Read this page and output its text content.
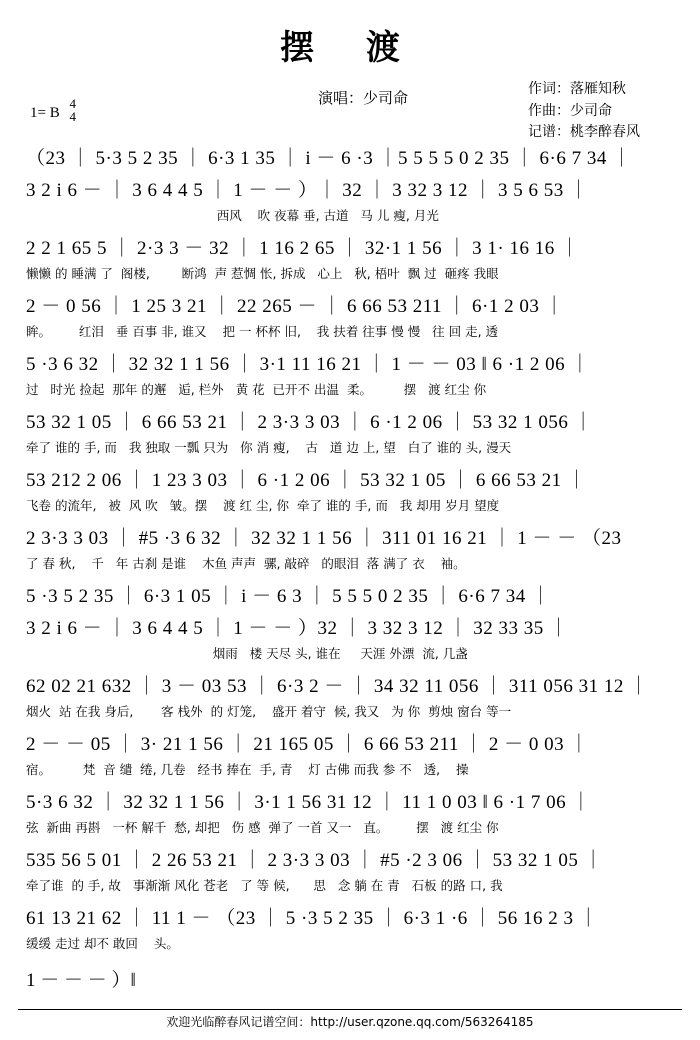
摆 渡
1= B
4
4
演唱：少司命
作词：落雁知秋
作曲：少司命
记谱：桃李醉春风
（23 ｜ 5·3 5 2 35 ｜ 6·3 1 35 ｜ i － 6 ·3 ｜5 5 5 5 0 2 35 ｜ 6·6 7 34 ｜
3 2 i 6 － ｜ 3 6 4 4 5 ｜ 1 － － ）｜ 32 ｜ 3 32 3 12 ｜ 3 5 6 53 ｜
西风    吹 夜幕 垂, 古道   马 儿 瘦, 月光
2 2 1 65 5 ｜ 2·3 3 － 32 ｜ 1 16 2 65 ｜ 32·1 1 56 ｜ 3 1· 16 16 ｜
懒懒 的 睡满 了  阁楼,        断鸿  声 惹惆 怅, 拆成   心上   秋, 梧叶  飘 过  砸疼 我眼
2 － 0 56 ｜ 1 25 3 21 ｜ 22 265 － ｜ 6 66 53 211 ｜ 6·1 2 03 ｜
眸。       红泪   垂 百事 非, 谁又    把 一 杯杯 旧,    我 扶着 往事 慢 慢   往 回 走, 透
5 ·3 6 32 ｜ 32 32 1 1 56 ｜ 3·1 11 16 21 ｜ 1 － － 03 ‖ 6 ·1 2 06 ｜
过   时光 捡起  那年 的邂   逅, 栏外   黄 花  已开不 出温  柔。        摆   渡 红尘 你
53 32 1 05 ｜ 6 66 53 21 ｜ 2 3·3 3 03 ｜ 6 ·1 2 06 ｜ 53 32 1 056 ｜
牵了 谁的 手, 而   我 独取 一瓢 只为   你 消 瘦,    古   道 边 上, 望   白了 谁的 头, 漫天
53 212 2 06 ｜ 1 23 3 03 ｜ 6 ·1 2 06 ｜ 53 32 1 05 ｜ 6 66 53 21 ｜
飞卷 的流年,   被  风 吹   皱。摆    渡 红 尘, 你  牵了 谁的 手, 而   我 却用 岁月 望度
2 3·3 3 03 ｜ #5 ·3 6 32 ｜ 32 32 1 1 56 ｜ 311 01 16 21 ｜ 1 － － （23
了 春 秋,    千   年 古刹 是谁    木鱼 声声  骡, 敲碎   的眼泪  落 满了 衣    袖。
5 ·3 5 2 35 ｜ 6·3 1 05 ｜ i － 6 3 ｜ 5 5 5 0 2 35 ｜ 6·6 7 34 ｜
3 2 i 6 － ｜ 3 6 4 4 5 ｜ 1 － － ）32 ｜ 3 32 3 12 ｜ 32 33 35 ｜
烟雨   楼 天尽 头, 谁在     天涯 外漂  流, 几盏
62 02 21 632 ｜ 3 － 03 53 ｜ 6·3 2 － ｜ 34 32 11 056 ｜ 311 056 31 12 ｜
烟火  站 在我 身后,       客 栈外  的 灯笼,    盛开 着守  候, 我又   为 你  剪烛 窗台 等一
2 － － 05 ｜ 3· 21 1 56 ｜ 21 165 05 ｜ 6 66 53 211 ｜ 2 － 0 03 ｜
宿。        梵  音 缱  绻, 几卷   经书 捧在  手, 青    灯 古佛 而我 参 不   透,    操
5·3 6 32 ｜ 32 32 1 1 56 ｜ 3·1 1 56 31 12 ｜ 11 1 0 03 ‖ 6 ·1 7 06 ｜
弦  新曲 再斟   一杯 解千  愁, 却把   伤 感  弹了 一首 又一   直。       摆   渡 红尘 你
535 56 5 01 ｜ 2 26 53 21 ｜ 2 3·3 3 03 ｜ #5 ·2 3 06 ｜ 53 32 1 05 ｜
牵了谁  的 手, 故   事渐渐 风化 苍老   了 等 候,      思   念 躺 在 青   石板 的路 口, 我
61 13 21 62 ｜ 11 1 － （23 ｜ 5 ·3 5 2 35 ｜ 6·3 1 ·6 ｜ 56 16 2 3 ｜
缓缓 走过 却不 敢回    头。
1 － － － ）‖
欢迎光临醉春风记谱空间：http://user.qzone.qq.com/563264185
